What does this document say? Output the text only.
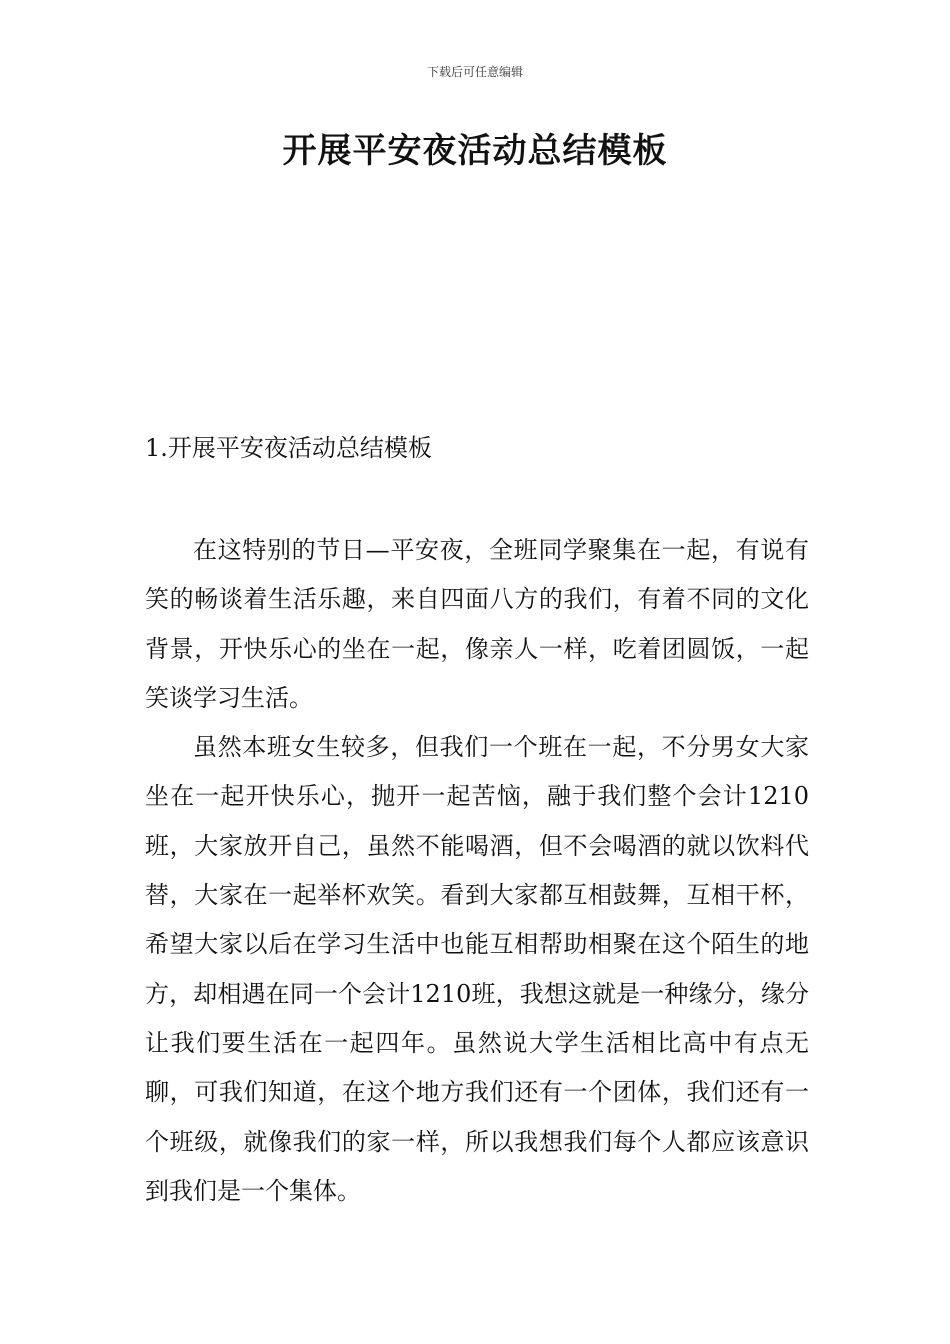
下载后可任意编辑
开展平安夜活动总结模板
1.开展平安夜活动总结模板

在这特别的节日—平安夜，全班同学聚集在一起，有说有笑的畅谈着生活乐趣，来自四面八方的我们，有着不同的文化背景，开快乐心的坐在一起，像亲人一样，吃着团圆饭，一起笑谈学习生活。

虽然本班女生较多，但我们一个班在一起，不分男女大家坐在一起开快乐心，抛开一起苦恼，融于我们整个会计1210班，大家放开自己，虽然不能喝酒，但不会喝酒的就以饮料代替，大家在一起举杯欢笑。看到大家都互相鼓舞，互相干杯，希望大家以后在学习生活中也能互相帮助相聚在这个陌生的地方，却相遇在同一个会计1210班，我想这就是一种缘分，缘分让我们要生活在一起四年。虽然说大学生活相比高中有点无聊，可我们知道，在这个地方我们还有一个团体，我们还有一个班级，就像我们的家一样，所以我想我们每个人都应该意识到我们是一个集体。
